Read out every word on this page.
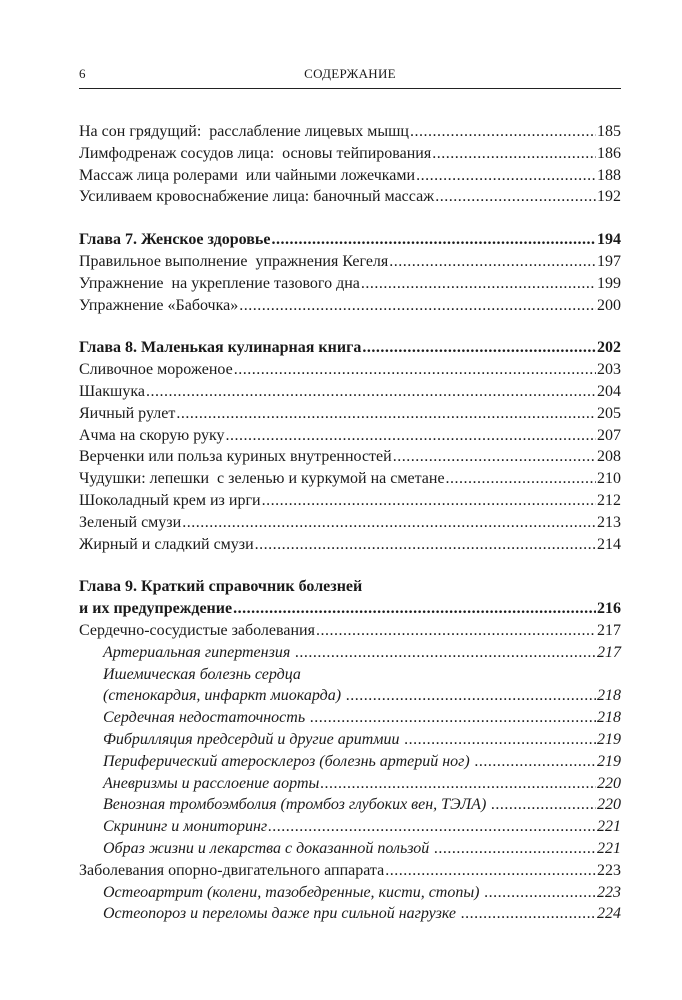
6	СОДЕРЖАНИЕ
На сон грядущий:  расслабление лицевых мышц .....	185
Лимфодренаж сосудов лица:  основы тейпирования .....	186
Массаж лица ролерами  или чайными ложечками .....	188
Усиливаем кровоснабжение лица: баночный массаж .....	192
Глава 7. Женское здоровье .....	194
Правильное выполнение  упражнения Кегеля .....	197
Упражнение  на укрепление тазового дна .....	199
Упражнение «Бабочка» .....	200
Глава 8. Маленькая кулинарная книга .....	202
Сливочное мороженое .....	203
Шакшука .....	204
Яичный рулет .....	205
Ачма на скорую руку .....	207
Верченки или польза куриных внутренностей .....	208
Чудушки: лепешки  с зеленью и куркумой на сметане .....	210
Шоколадный крем из ирги .....	212
Зеленый смузи .....	213
Жирный и сладкий смузи .....	214
Глава 9. Краткий справочник болезней
и их предупреждение .....	216
Сердечно-сосудистые заболевания .....	217
Артериальная гипертензия .....	217
Ишемическая болезнь сердца
(стенокардия, инфаркт миокарда) .....	218
Сердечная недостаточность .....	218
Фибрилляция предсердий и другие аритмии .....	219
Периферический атеросклероз (болезнь артерий ног) .....	219
Аневризмы и расслоение аорты .....	220
Венозная тромбоэмболия (тромбоз глубоких вен, ТЭЛА) .....	220
Скрининг и мониторинг .....	221
Образ жизни и лекарства с доказанной пользой .....	221
Заболевания опорно-двигательного аппарата .....	223
Остеоартрит (колени, тазобедренные, кисти, стопы) .....	223
Остеопороз и переломы даже при сильной нагрузке .....	224
